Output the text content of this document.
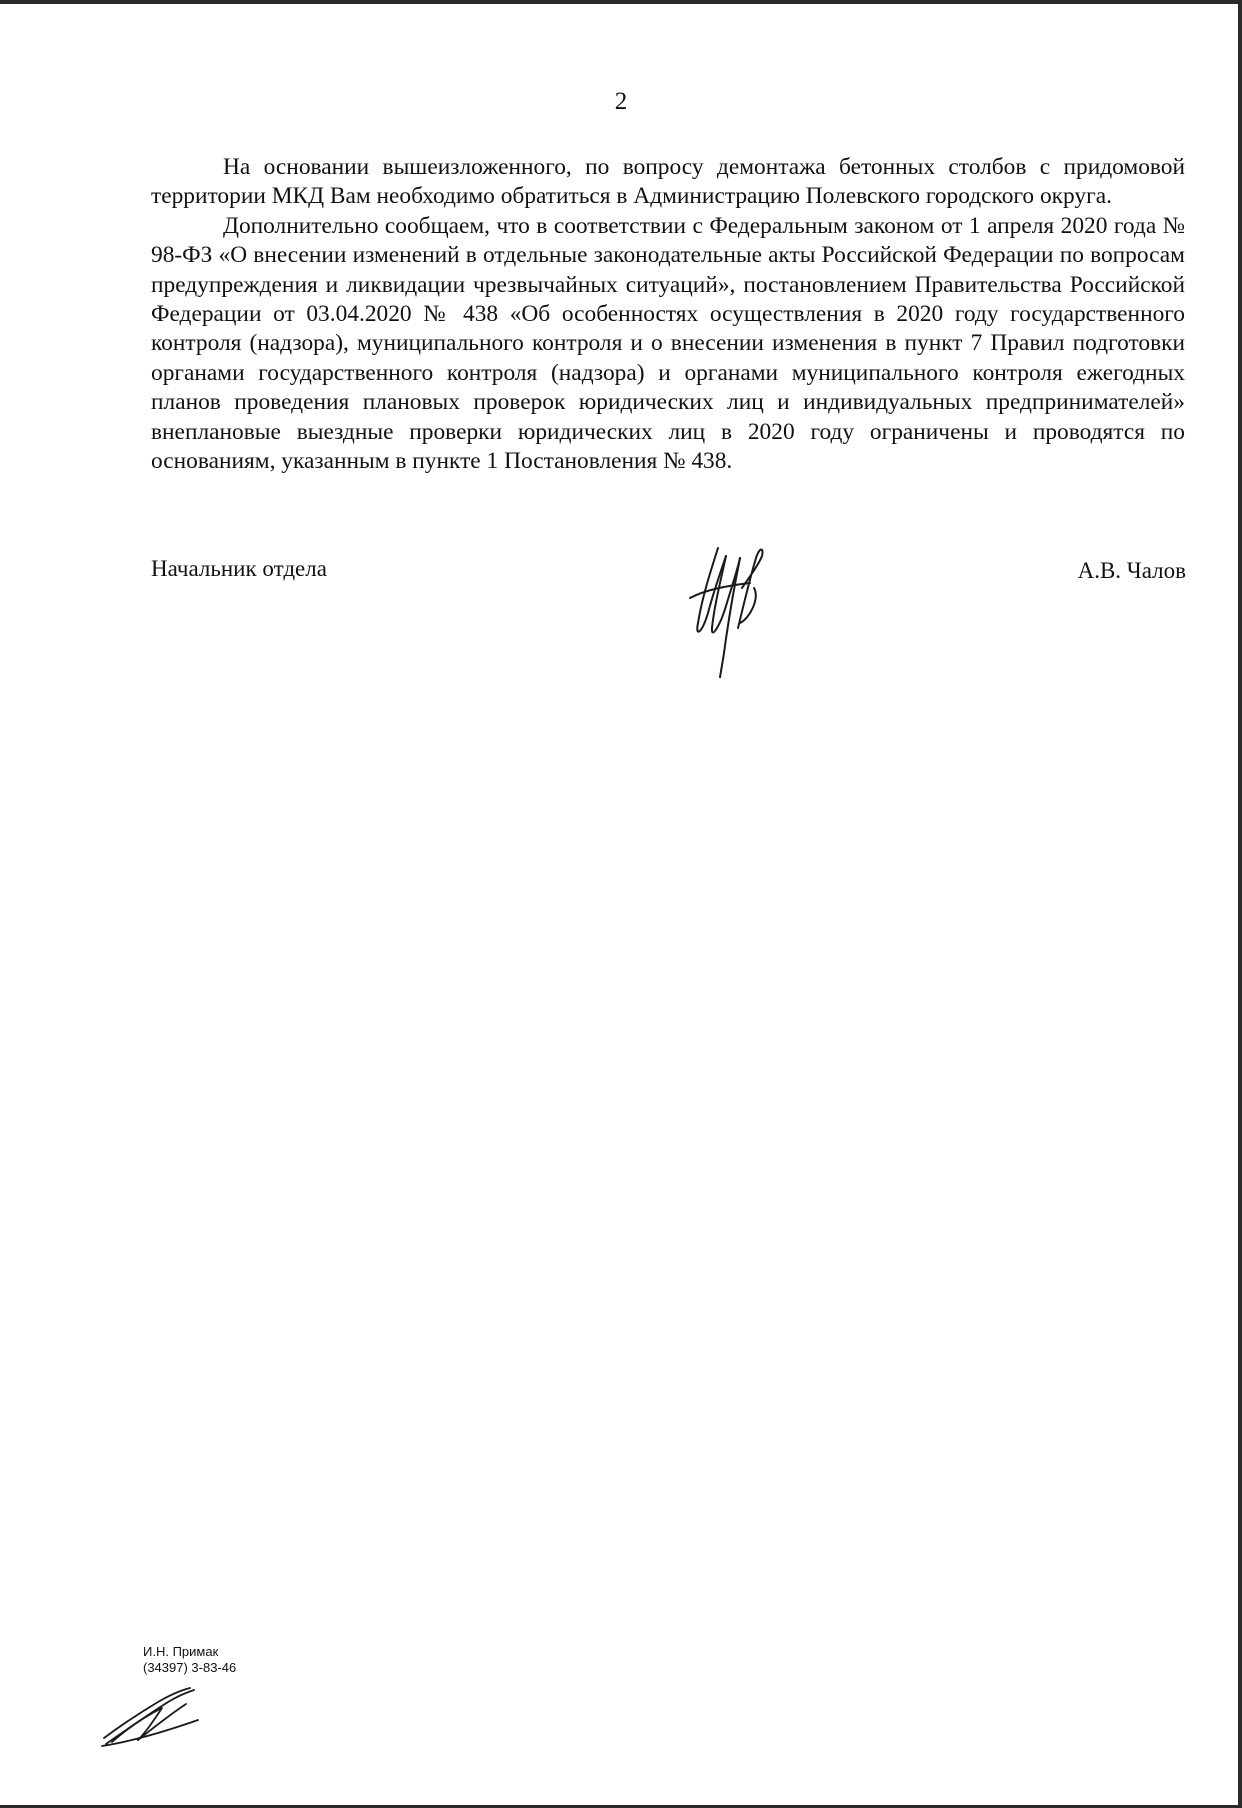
2

На основании вышеизложенного, по вопросу демонтажа бетонных столбов с придомовой территории МКД Вам необходимо обратиться в Администрацию Полевского городского округа.

Дополнительно сообщаем, что в соответствии с Федеральным законом от 1 апреля 2020 года № 98-ФЗ «О внесении изменений в отдельные законодательные акты Российской Федерации по вопросам предупреждения и ликвидации чрезвычайных ситуаций», постановлением Правительства Российской Федерации от 03.04.2020 № 438 «Об особенностях осуществления в 2020 году государственного контроля (надзора), муниципального контроля и о внесении изменения в пункт 7 Правил подготовки органами государственного контроля (надзора) и органами муниципального контроля ежегодных планов проведения плановых проверок юридических лиц и индивидуальных предпринимателей» внеплановые выездные проверки юридических лиц в 2020 году ограничены и проводятся по основаниям, указанным в пункте 1 Постановления № 438.

Начальник отдела	А.В. Чалов
И.Н. Примак
(34397) 3-83-46
